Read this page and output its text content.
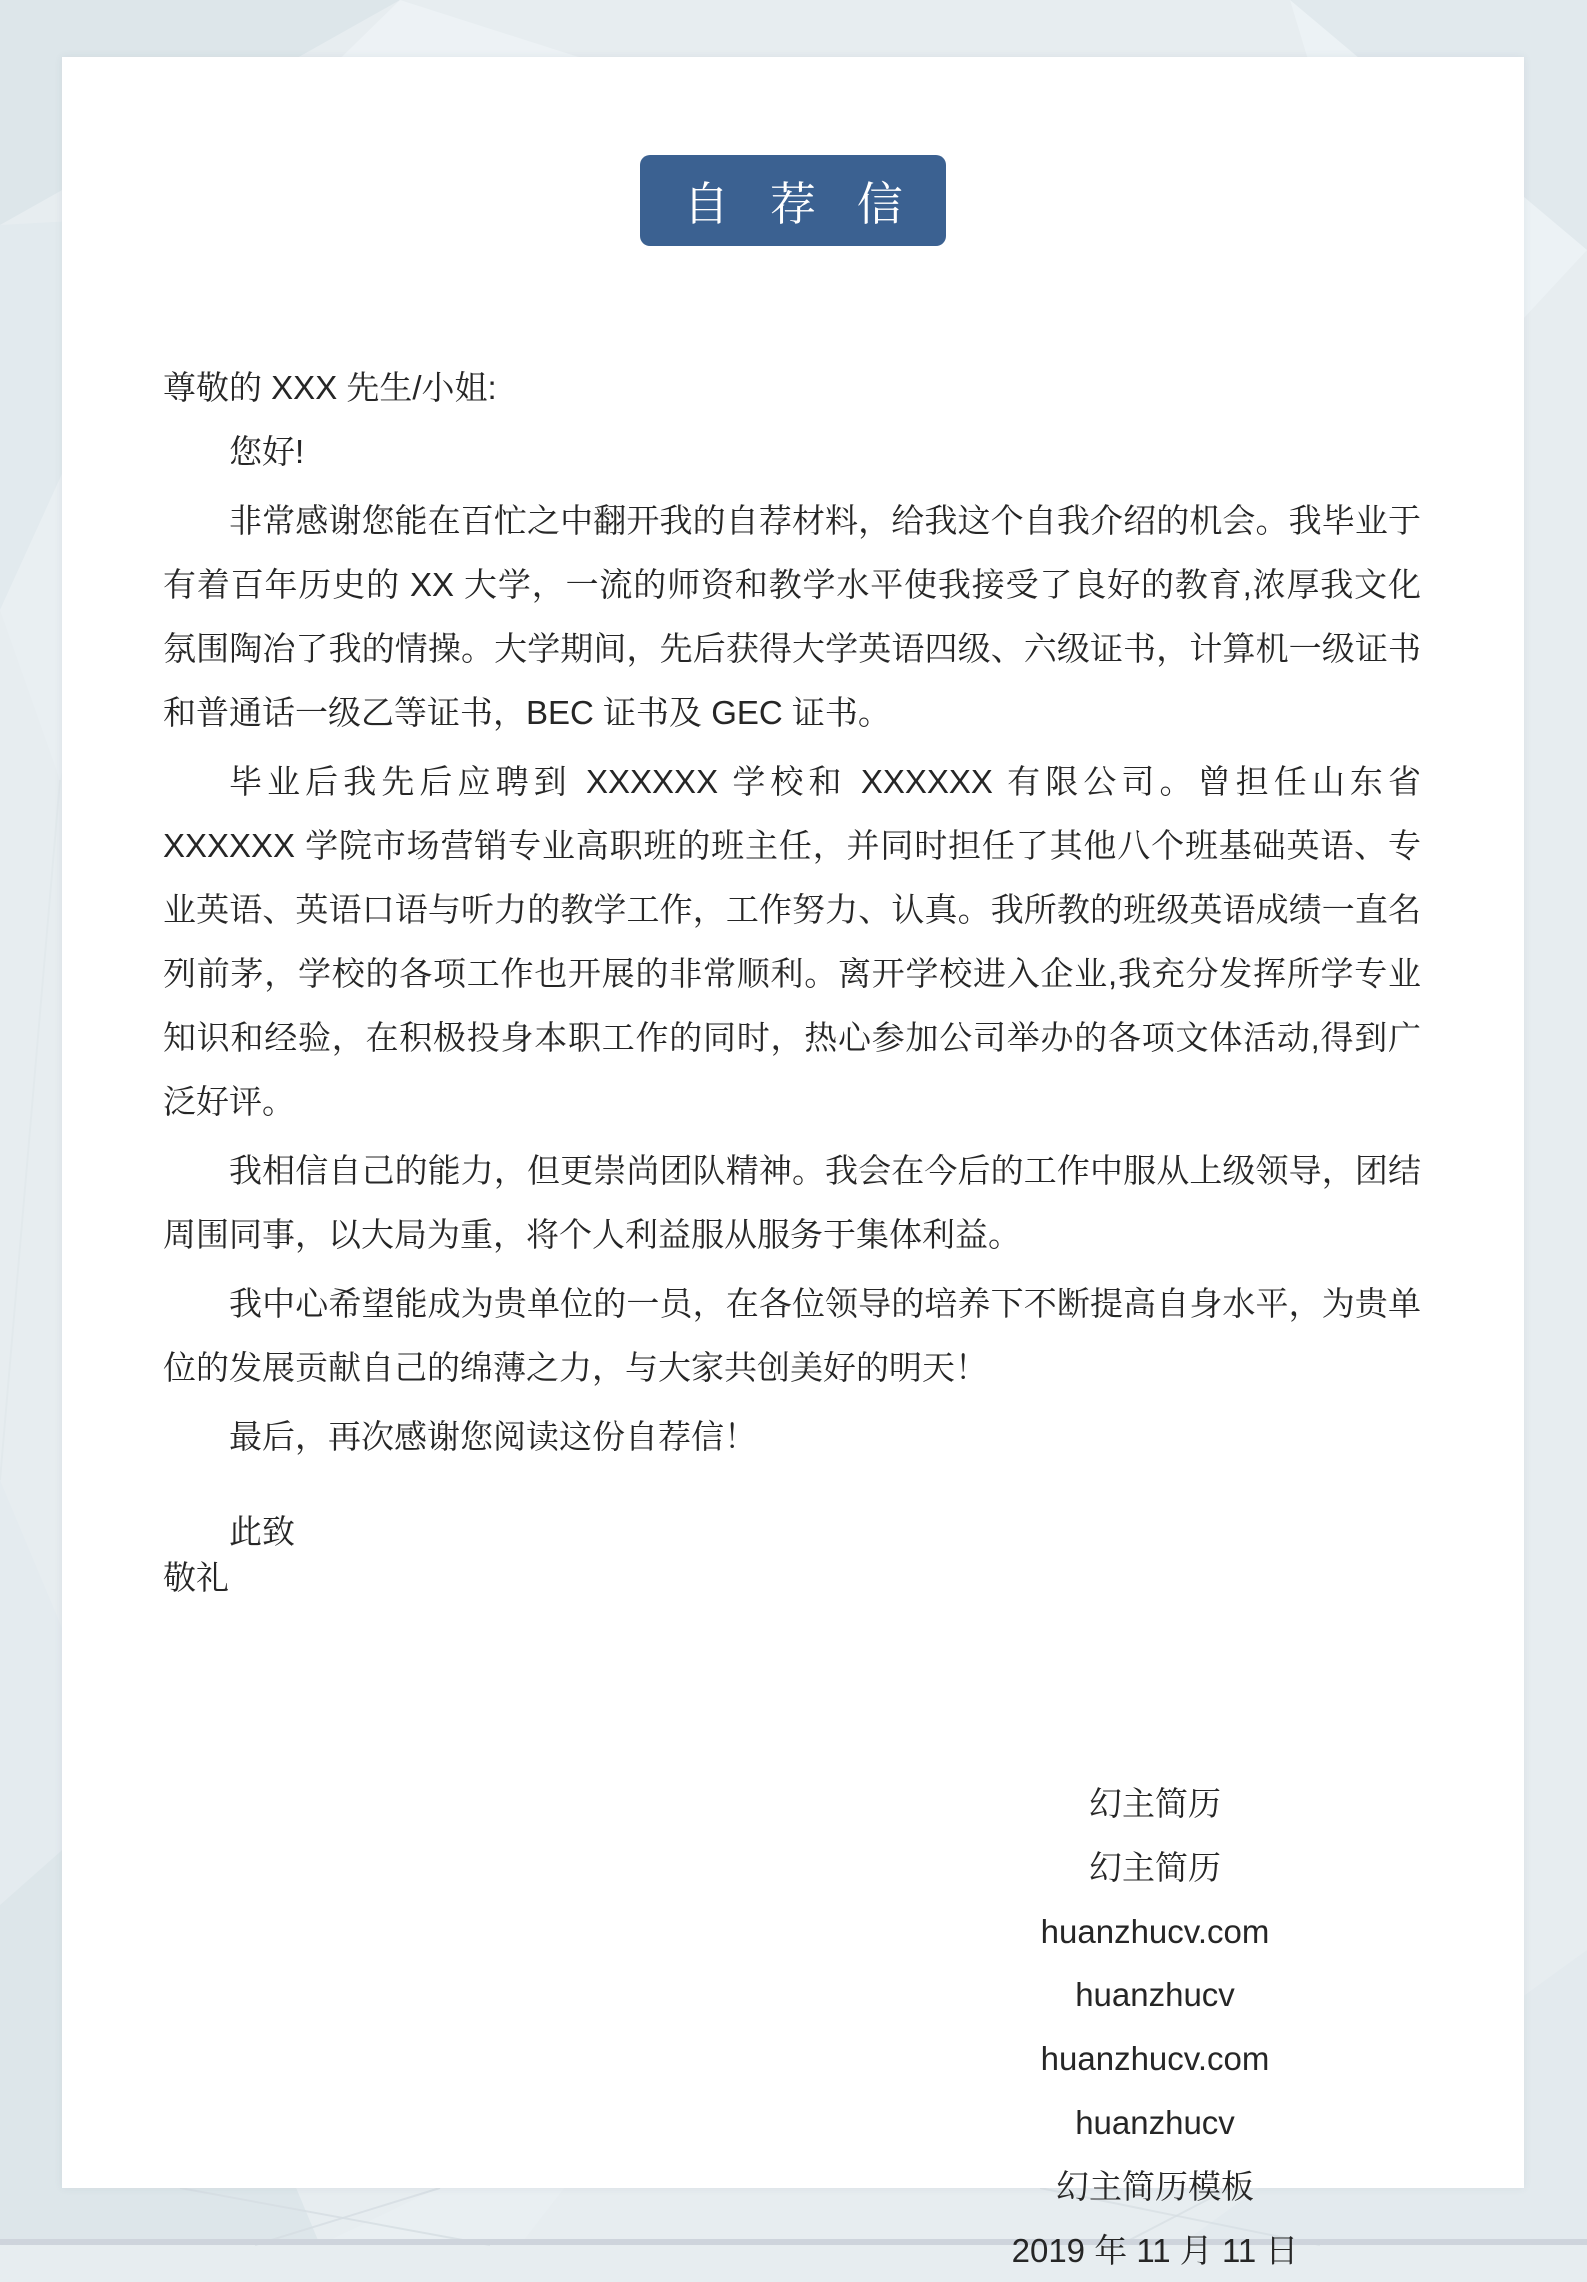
自 荐 信

尊敬的 XXX 先生/小姐:

您好!

非常感谢您能在百忙之中翻开我的自荐材料，给我这个自我介绍的机会。我毕业于有着百年历史的 XX 大学，一流的师资和教学水平使我接受了良好的教育,浓厚我文化氛围陶冶了我的情操。大学期间，先后获得大学英语四级、六级证书，计算机一级证书和普通话一级乙等证书，BEC 证书及 GEC 证书。

毕业后我先后应聘到 XXXXXX 学校和 XXXXXX 有限公司。曾担任山东省 XXXXXX 学院市场营销专业高职班的班主任，并同时担任了其他八个班基础英语、专业英语、英语口语与听力的教学工作，工作努力、认真。我所教的班级英语成绩一直名列前茅，学校的各项工作也开展的非常顺利。离开学校进入企业,我充分发挥所学专业知识和经验，在积极投身本职工作的同时，热心参加公司举办的各项文体活动,得到广泛好评。

我相信自己的能力，但更崇尚团队精神。我会在今后的工作中服从上级领导，团结周围同事，以大局为重，将个人利益服从服务于集体利益。

我中心希望能成为贵单位的一员，在各位领导的培养下不断提高自身水平，为贵单位的发展贡献自己的绵薄之力，与大家共创美好的明天！

最后，再次感谢您阅读这份自荐信！

此致

敬礼

幻主简历
幻主简历
huanzhucv.com
huanzhucv
huanzhucv.com
huanzhucv
幻主简历模板
2019 年 11 月 11 日
